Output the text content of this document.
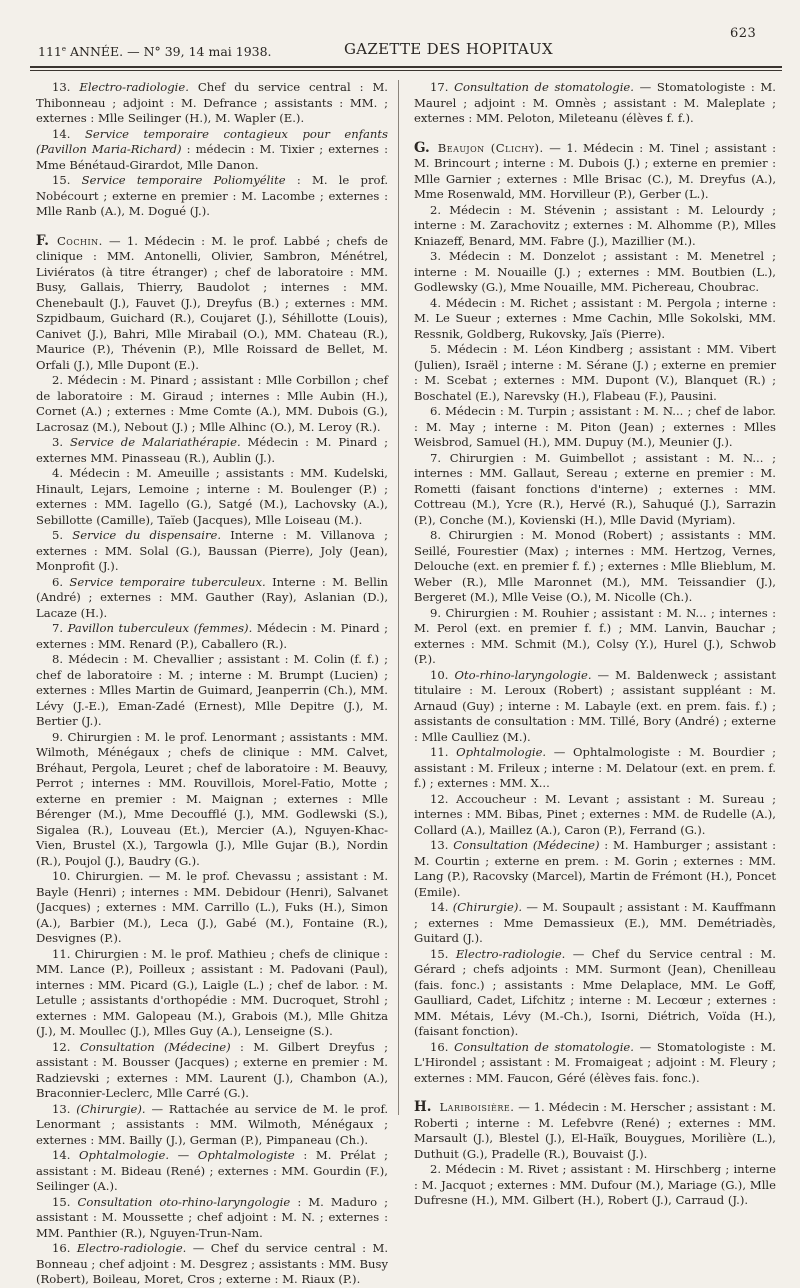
623
111e ANNÉE. — N° 39, 14 mai 1938.	GAZETTE DES HOPITAUX

13. Electro-radiologie. Chef du service central : M. Thibonneau ; adjoint : M. Defrance ; assistants : MM. ; externes : Mlle Seilinger (H.), M. Wapler (E.).

14. Service temporaire contagieux pour enfants (Pavillon Maria-Richard) : médecin : M. Tixier ; externes : Mme Bénétaud-Girardot, Mlle Danon.

15. Service temporaire Poliomyélite : M. le prof. Nobécourt ; externe en premier : M. Lacombe ; externes : Mlle Ranb (A.), M. Dogué (J.).

F. Cochin. — 1. Médecin : M. le prof. Labbé ; chefs de clinique : MM. Antonelli, Olivier, Sambron, Ménétrel, Liviératos (à titre étranger) ; chef de laboratoire : MM. Busy, Gallais, Thierry, Baudolot ; internes : MM. Chenebault (J.), Fauvet (J.), Dreyfus (B.) ; externes : MM. Szpidbaum, Guichard (R.), Coujaret (J.), Séhillotte (Louis), Canivet (J.), Bahri, Mlle Mirabail (O.), MM. Chateau (R.), Maurice (P.), Thévenin (P.), Mlle Roissard de Bellet, M. Orfali (J.), Mlle Dupont (E.).

2. Médecin : M. Pinard ; assistant : Mlle Corbillon ; chef de laboratoire : M. Giraud ; internes : Mlle Aubin (H.), Cornet (A.) ; externes : Mme Comte (A.), MM. Dubois (G.), Lacrosaz (M.), Nebout (J.) ; Mlle Alhinc (O.), M. Leroy (R.).

3. Service de Malariathérapie. Médecin : M. Pinard ; externes MM. Pinasseau (R.), Aublin (J.).

4. Médecin : M. Ameuille ; assistants : MM. Kudelski, Hinault, Lejars, Lemoine ; interne : M. Boulenger (P.) ; externes : MM. Iagello (G.), Satgé (M.), Lachovsky (A.), Sebillotte (Camille), Taïeb (Jacques), Mlle Loiseau (M.).

5. Service du dispensaire. Interne : M. Villanova ; externes : MM. Solal (G.), Baussan (Pierre), Joly (Jean), Monprofit (J.).

6. Service temporaire tuberculeux. Interne : M. Bellin (André) ; externes : MM. Gauther (Ray), Aslanian (D.), Lacaze (H.).

7. Pavillon tuberculeux (femmes). Médecin : M. Pinard ; externes : MM. Renard (P.), Caballero (R.).

8. Médecin : M. Chevallier ; assistant : M. Colin (f. f.) ; chef de laboratoire : M. ; interne : M. Brumpt (Lucien) ; externes : Mlles Martin de Guimard, Jeanperrin (Ch.), MM. Lévy (J.-E.), Eman-Zadé (Ernest), Mlle Depitre (J.), M. Bertier (J.).

9. Chirurgien : M. le prof. Lenormant ; assistants : MM. Wilmoth, Ménégaux ; chefs de clinique : MM. Calvet, Bréhaut, Pergola, Leuret ; chef de laboratoire : M. Beauvy, Perrot ; internes : MM. Rouvillois, Morel-Fatio, Motte ; externe en premier : M. Maignan ; externes : Mlle Bérenger (M.), Mme Decoufflé (J.), MM. Godlewski (S.), Sigalea (R.), Louveau (Et.), Mercier (A.), Nguyen-Khac-Vien, Brustel (X.), Targowla (J.), Mlle Gujar (B.), Nordin (R.), Poujol (J.), Baudry (G.).

10. Chirurgien. — M. le prof. Chevassu ; assistant : M. Bayle (Henri) ; internes : MM. Debidour (Henri), Salvanet (Jacques) ; externes : MM. Carrillo (L.), Fuks (H.), Simon (A.), Barbier (M.), Leca (J.), Gabé (M.), Fontaine (R.), Desvignes (P.).

11. Chirurgien : M. le prof. Mathieu ; chefs de clinique : MM. Lance (P.), Poilleux ; assistant : M. Padovani (Paul), internes : MM. Picard (G.), Laigle (L.) ; chef de labor. : M. Letulle ; assistants d'orthopédie : MM. Ducroquet, Strohl ; externes : MM. Galopeau (M.), Grabois (M.), Mlle Ghitza (J.), M. Moullec (J.), Mlles Guy (A.), Lenseigne (S.).

12. Consultation (Médecine) : M. Gilbert Dreyfus ; assistant : M. Bousser (Jacques) ; externe en premier : M. Radzievski ; externes : MM. Laurent (J.), Chambon (A.), Braconnier-Leclerc, Mlle Carré (G.).

13. (Chirurgie). — Rattachée au service de M. le prof. Lenormant ; assistants : MM. Wilmoth, Ménégaux ; externes : MM. Bailly (J.), German (P.), Pimpaneau (Ch.).

14. Ophtalmologie. — Ophtalmologiste : M. Prélat ; assistant : M. Bideau (René) ; externes : MM. Gourdin (F.), Seilinger (A.).

15. Consultation oto-rhino-laryngologie : M. Maduro ; assistant : M. Moussette ; chef adjoint : M. N. ; externes : MM. Panthier (R.), Nguyen-Trun-Nam.

16. Electro-radiologie. — Chef du service central : M. Bonneau ; chef adjoint : M. Desgrez ; assistants : MM. Busy (Robert), Boileau, Moret, Cros ; externe : M. Riaux (P.).

17. Consultation de stomatologie. — Stomatologiste : M. Maurel ; adjoint : M. Omnès ; assistant : M. Maleplate ; externes : MM. Peloton, Mileteanu (élèves f. f.).

G. Beaujon (Clichy). — 1. Médecin : M. Tinel ; assistant : M. Brincourt ; interne : M. Dubois (J.) ; externe en premier : Mlle Garnier ; externes : Mlle Brisac (C.), M. Dreyfus (A.), Mme Rosenwald, MM. Horvilleur (P.), Gerber (L.).

2. Médecin : M. Stévenin ; assistant : M. Lelourdy ; interne : M. Zarachovitz ; externes : M. Alhomme (P.), Mlles Kniazeff, Benard, MM. Fabre (J.), Mazillier (M.).

3. Médecin : M. Donzelot ; assistant : M. Menetrel ; interne : M. Nouaille (J.) ; externes : MM. Boutbien (L.), Godlewsky (G.), Mme Nouaille, MM. Pichereau, Choubrac.

4. Médecin : M. Richet ; assistant : M. Pergola ; interne : M. Le Sueur ; externes : Mme Cachin, Mlle Sokolski, MM. Ressnik, Goldberg, Rukovsky, Jaïs (Pierre).

5. Médecin : M. Léon Kindberg ; assistant : MM. Vibert (Julien), Israël ; interne : M. Sérane (J.) ; externe en premier : M. Scebat ; externes : MM. Dupont (V.), Blanquet (R.) ; Boschatel (E.), Narevsky (H.), Flabeau (F.), Pausini.

6. Médecin : M. Turpin ; assistant : M. N... ; chef de labor. : M. May ; interne : M. Piton (Jean) ; externes : Mlles Weisbrod, Samuel (H.), MM. Dupuy (M.), Meunier (J.).

7. Chirurgien : M. Guimbellot ; assistant : M. N... ; internes : MM. Gallaut, Sereau ; externe en premier : M. Rometti (faisant fonctions d'interne) ; externes : MM. Cottreau (M.), Ycre (R.), Hervé (R.), Sahuqué (J.), Sarrazin (P.), Conche (M.), Kovienski (H.), Mlle David (Myriam).

8. Chirurgien : M. Monod (Robert) ; assistants : MM. Seillé, Fourestier (Max) ; internes : MM. Hertzog, Vernes, Delouche (ext. en premier f. f.) ; externes : Mlle Blieblum, M. Weber (R.), Mlle Maronnet (M.), MM. Teissandier (J.), Bergeret (M.), Mlle Veise (O.), M. Nicolle (Ch.).

9. Chirurgien : M. Rouhier ; assistant : M. N... ; internes : M. Perol (ext. en premier f. f.) ; MM. Lanvin, Bauchar ; externes : MM. Schmit (M.), Colsy (Y.), Hurel (J.), Schwob (P.).

10. Oto-rhino-laryngologie. — M. Baldenweck ; assistant titulaire : M. Leroux (Robert) ; assistant suppléant : M. Arnaud (Guy) ; interne : M. Labayle (ext. en prem. fais. f.) ; assistants de consultation : MM. Tillé, Bory (André) ; externe : Mlle Caulliez (M.).

11. Ophtalmologie. — Ophtalmologiste : M. Bourdier ; assistant : M. Frileux ; interne : M. Delatour (ext. en prem. f. f.) ; externes : MM. X...

12. Accoucheur : M. Levant ; assistant : M. Sureau ; internes : MM. Bibas, Pinet ; externes : MM. de Rudelle (A.), Collard (A.), Maillez (A.), Caron (P.), Ferrand (G.).

13. Consultation (Médecine) : M. Hamburger ; assistant : M. Courtin ; externe en prem. : M. Gorin ; externes : MM. Lang (P.), Racovsky (Marcel), Martin de Frémont (H.), Poncet (Emile).

14. (Chirurgie). — M. Soupault ; assistant : M. Kauffmann ; externes : Mme Demassieux (E.), MM. Demétriadès, Guitard (J.).

15. Electro-radiologie. — Chef du Service central : M. Gérard ; chefs adjoints : MM. Surmont (Jean), Chenilleau (fais. fonc.) ; assistants : Mme Delaplace, MM. Le Goff, Gaulliard, Cadet, Lifchitz ; interne : M. Lecœur ; externes : MM. Métais, Lévy (M.-Ch.), Isorni, Diétrich, Voïda (H.), (faisant fonction).

16. Consultation de stomatologie. — Stomatologiste : M. L'Hirondel ; assistant : M. Fromaigeat ; adjoint : M. Fleury ; externes : MM. Faucon, Géré (élèves fais. fonc.).

H. Lariboisière. — 1. Médecin : M. Herscher ; assistant : M. Roberti ; interne : M. Lefebvre (René) ; externes : MM. Marsault (J.), Blestel (J.), El-Haïk, Bouygues, Morilière (L.), Duthuit (G.), Pradelle (R.), Bouvaist (J.).

2. Médecin : M. Rivet ; assistant : M. Hirschberg ; interne : M. Jacquot ; externes : MM. Dufour (M.), Mariage (G.), Mlle Dufresne (H.), MM. Gilbert (H.), Robert (J.), Carraud (J.).
